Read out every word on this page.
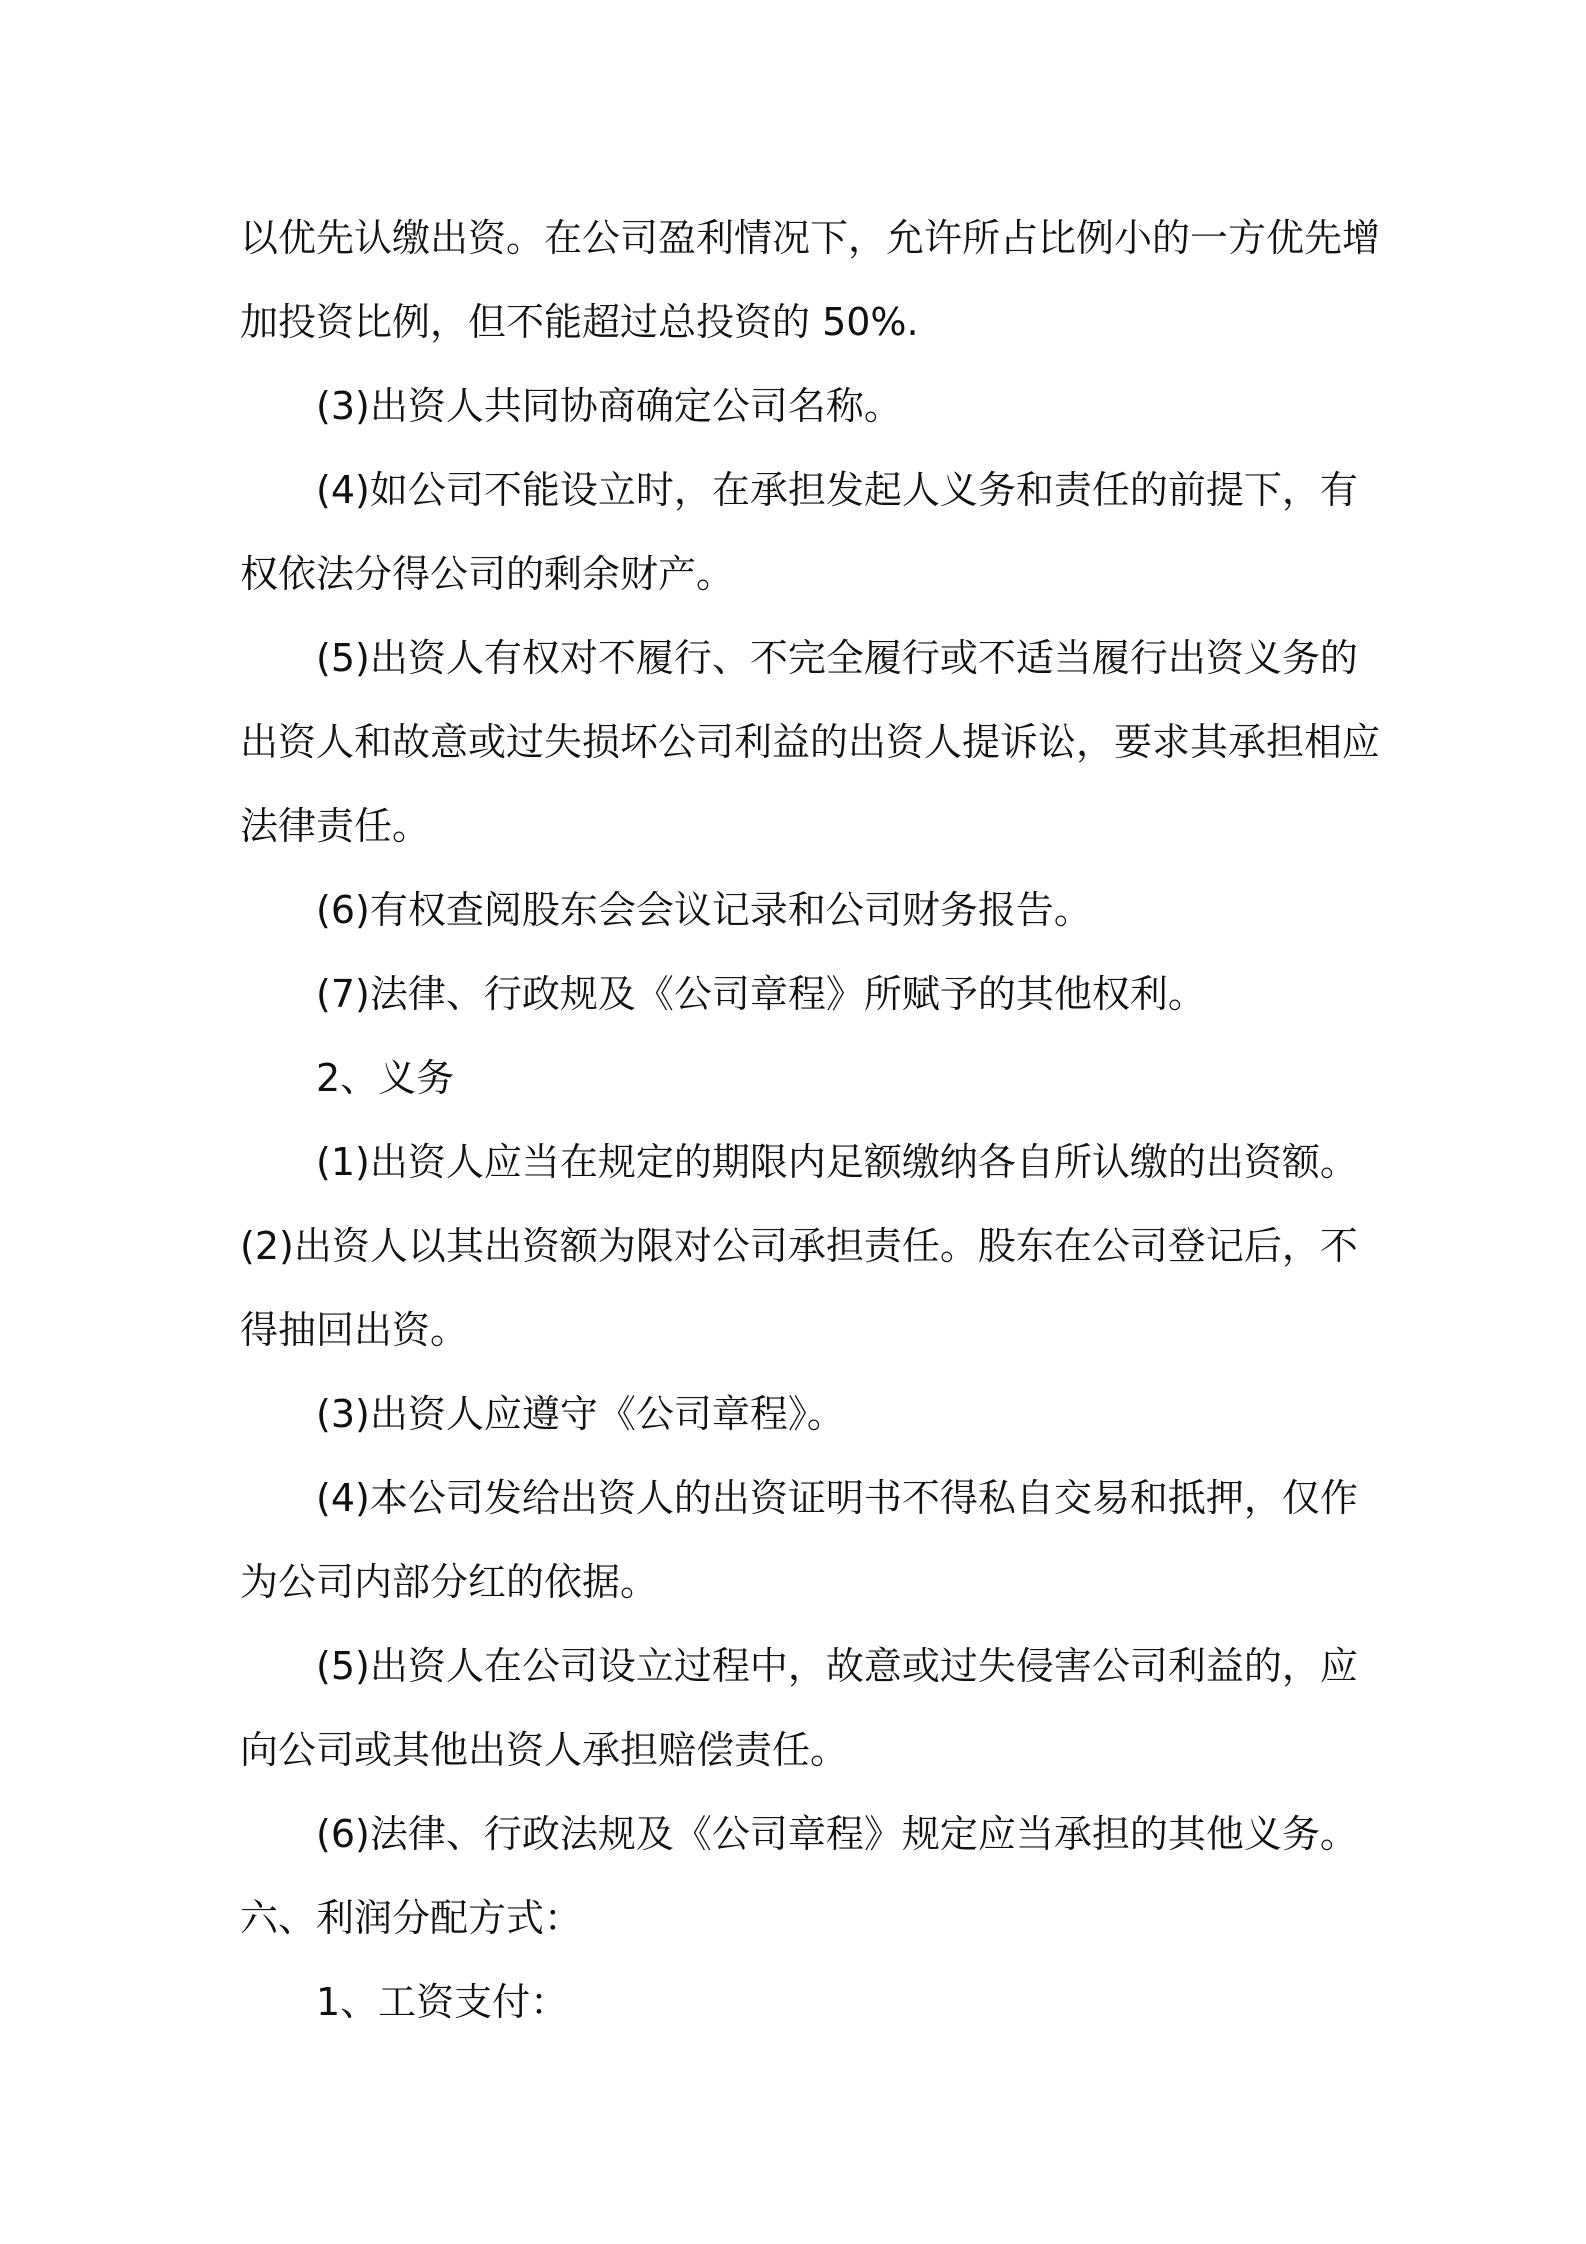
以优先认缴出资。在公司盈利情况下，允许所占比例小的一方优先增
加投资比例，但不能超过总投资的 50%.
(3)出资人共同协商确定公司名称。
(4)如公司不能设立时，在承担发起人义务和责任的前提下，有
权依法分得公司的剩余财产。
(5)出资人有权对不履行、不完全履行或不适当履行出资义务的
出资人和故意或过失损坏公司利益的出资人提诉讼，要求其承担相应
法律责任。
(6)有权查阅股东会会议记录和公司财务报告。
(7)法律、行政规及《公司章程》所赋予的其他权利。
2、义务
(1)出资人应当在规定的期限内足额缴纳各自所认缴的出资额。
(2)出资人以其出资额为限对公司承担责任。股东在公司登记后，不
得抽回出资。
(3)出资人应遵守《公司章程》。
(4)本公司发给出资人的出资证明书不得私自交易和抵押，仅作
为公司内部分红的依据。
(5)出资人在公司设立过程中，故意或过失侵害公司利益的，应
向公司或其他出资人承担赔偿责任。
(6)法律、行政法规及《公司章程》规定应当承担的其他义务。
六、利润分配方式：
1、工资支付：
